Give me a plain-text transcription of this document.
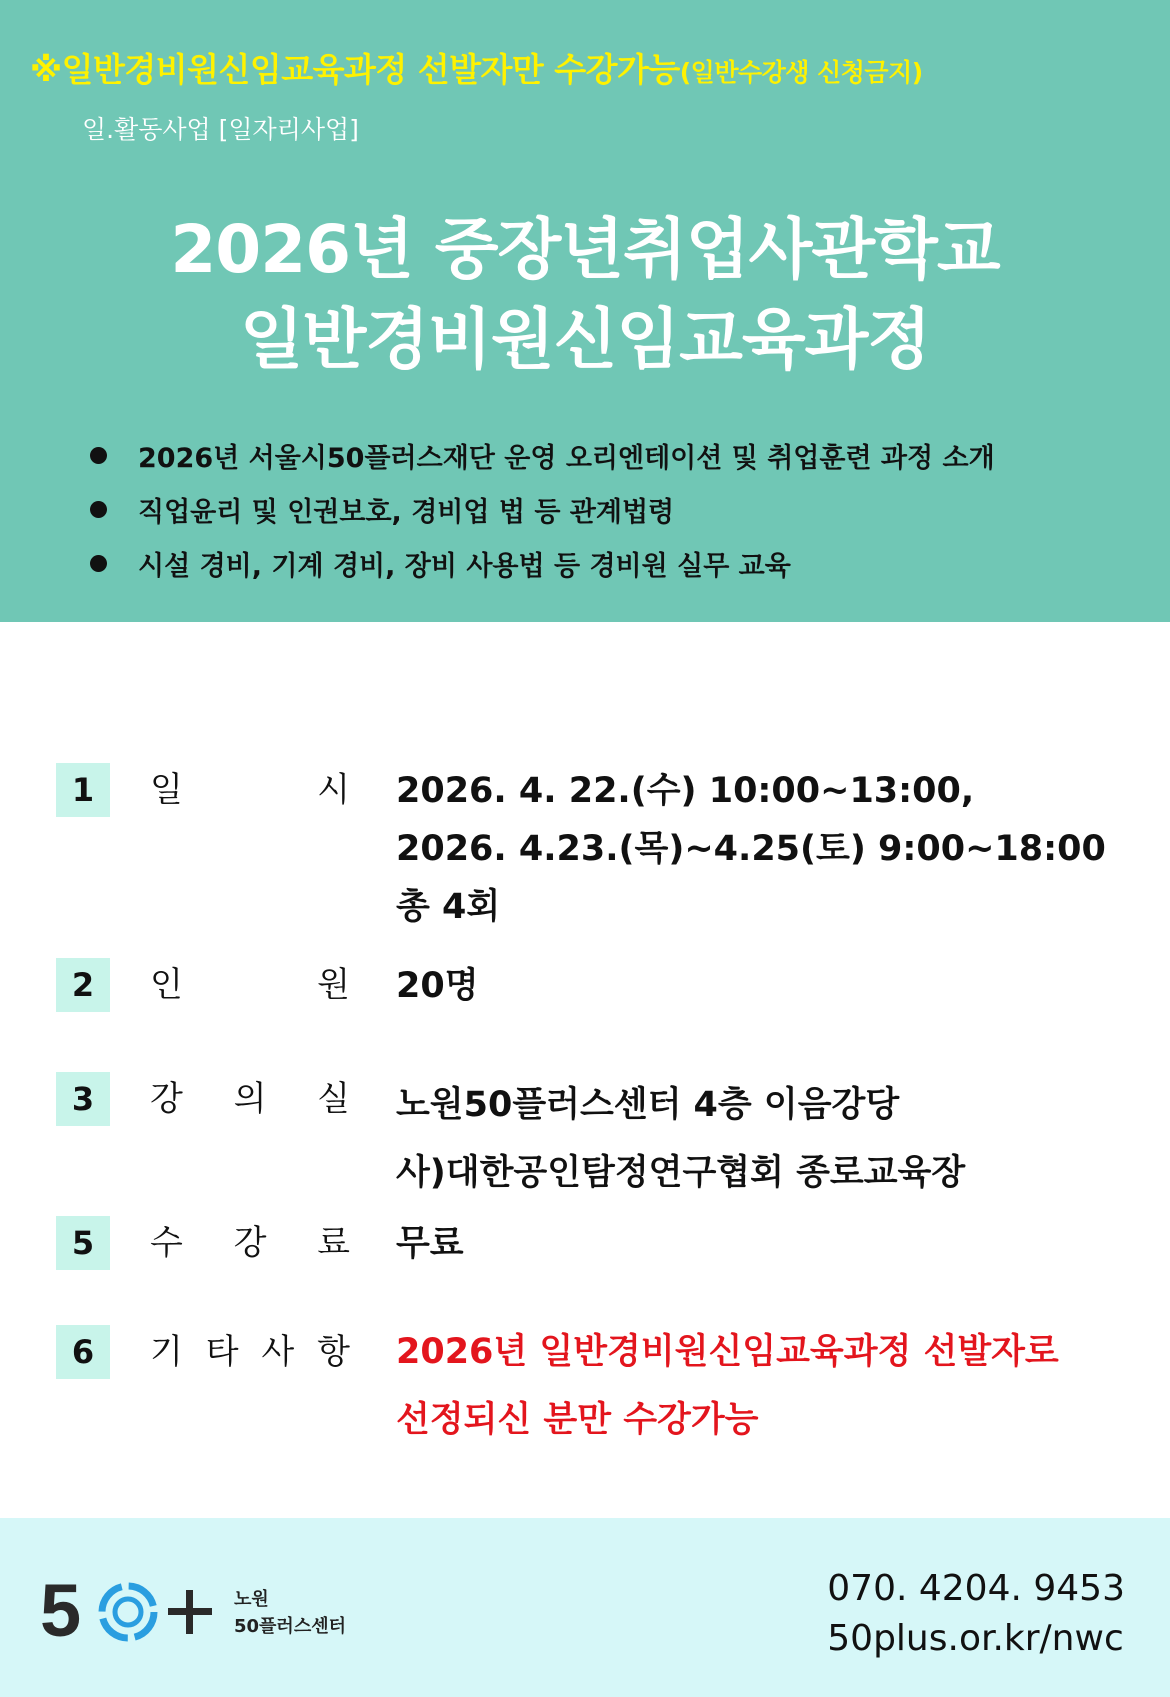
※일반경비원신임교육과정 선발자만 수강가능(일반수강생 신청금지)
일.활동사업 [일자리사업]
2026년 중장년취업사관학교
일반경비원신임교육과정
2026년 서울시50플러스재단 운영 오리엔테이션 및 취업훈련 과정 소개
직업윤리 및 인권보호, 경비업 법 등 관계법령
시설 경비, 기계 경비, 장비 사용법 등 경비원 실무 교육
1	일	시 2026. 4. 22.(수) 10:00~13:00,
2026. 4.23.(목)~4.25(토) 9:00~18:00
총 4회
2	인	원 20명
3	강 의 실 노원50플러스센터 4층 이음강당
사)대한공인탐정연구협회 종로교육장
5	수 강 료 무료
6	기 타 사 항 2026년 일반경비원신임교육과정 선발자로
선정되신 분만 수강가능
5	노원
50플러스센터
070. 4204. 9453
50plus.or.kr/nwc
